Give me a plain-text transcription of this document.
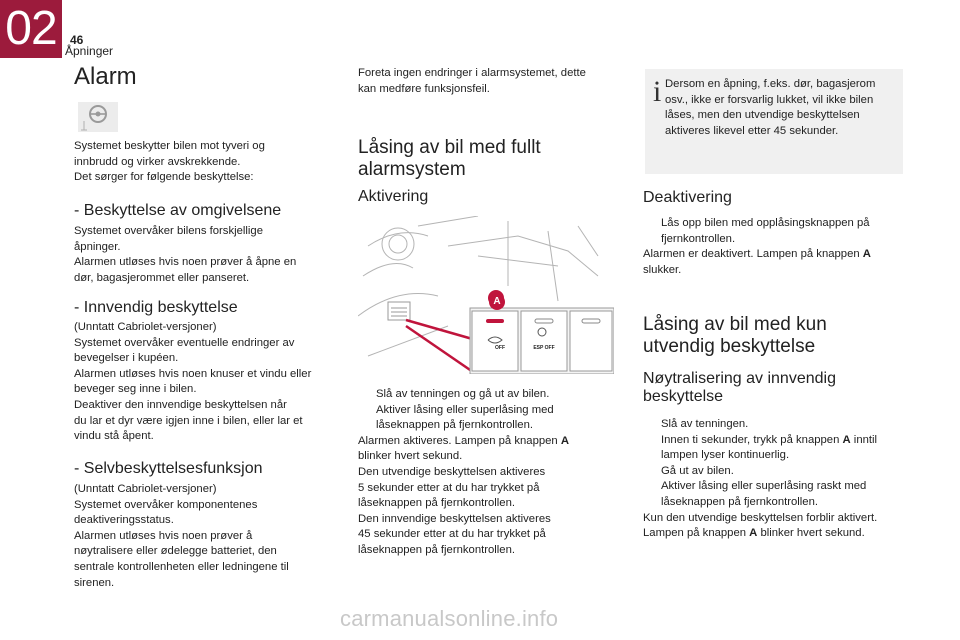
02	46
Åpninger
Alarm
Systemet beskytter bilen mot tyveri og
innbrudd og virker avskrekkende.
Det sørger for følgende beskyttelse:
- Beskyttelse av omgivelsene
Systemet overvåker bilens forskjellige
åpninger.
Alarmen utløses hvis noen prøver å åpne en
dør, bagasjerommet eller panseret.
- Innvendig beskyttelse
(Unntatt Cabriolet-versjoner)
Systemet overvåker eventuelle endringer av
bevegelser i kupéen.
Alarmen utløses hvis noen knuser et vindu eller
beveger seg inne i bilen.
Deaktiver den innvendige beskyttelsen når
du lar et dyr være igjen inne i bilen, eller lar et
vindu stå åpent.
- Selvbeskyttelsesfunksjon
(Unntatt Cabriolet-versjoner)
Systemet overvåker komponentenes
deaktiveringsstatus.
Alarmen utløses hvis noen prøver å
nøytralisere eller ødelegge batteriet, den
sentrale kontrollenheten eller ledningene til
sirenen.
Foreta ingen endringer i alarmsystemet, dette
kan medføre funksjonsfeil.
Låsing av bil med fullt
alarmsystem
Aktivering
A
OFF	ESP OFF
Slå av tenningen og gå ut av bilen.
Aktiver låsing eller superlåsing med
låseknappen på fjernkontrollen.
Alarmen aktiveres. Lampen på knappen A
blinker hvert sekund.
Den utvendige beskyttelsen aktiveres
5 sekunder etter at du har trykket på
låseknappen på fjernkontrollen.
Den innvendige beskyttelsen aktiveres
45 sekunder etter at du har trykket på
låseknappen på fjernkontrollen.
i Dersom en åpning, f.eks. dør, bagasjerom
osv., ikke er forsvarlig lukket, vil ikke bilen
låses, men den utvendige beskyttelsen
aktiveres likevel etter 45 sekunder.
Deaktivering
Lås opp bilen med opplåsingsknappen på
fjernkontrollen.
Alarmen er deaktivert. Lampen på knappen A
slukker.
Låsing av bil med kun
utvendig beskyttelse
Nøytralisering av innvendig
beskyttelse
Slå av tenningen.
Innen ti sekunder, trykk på knappen A inntil
lampen lyser kontinuerlig.
Gå ut av bilen.
Aktiver låsing eller superlåsing raskt med
låseknappen på fjernkontrollen.
Kun den utvendige beskyttelsen forblir aktivert.
Lampen på knappen A blinker hvert sekund.
carmanualsonline.info
